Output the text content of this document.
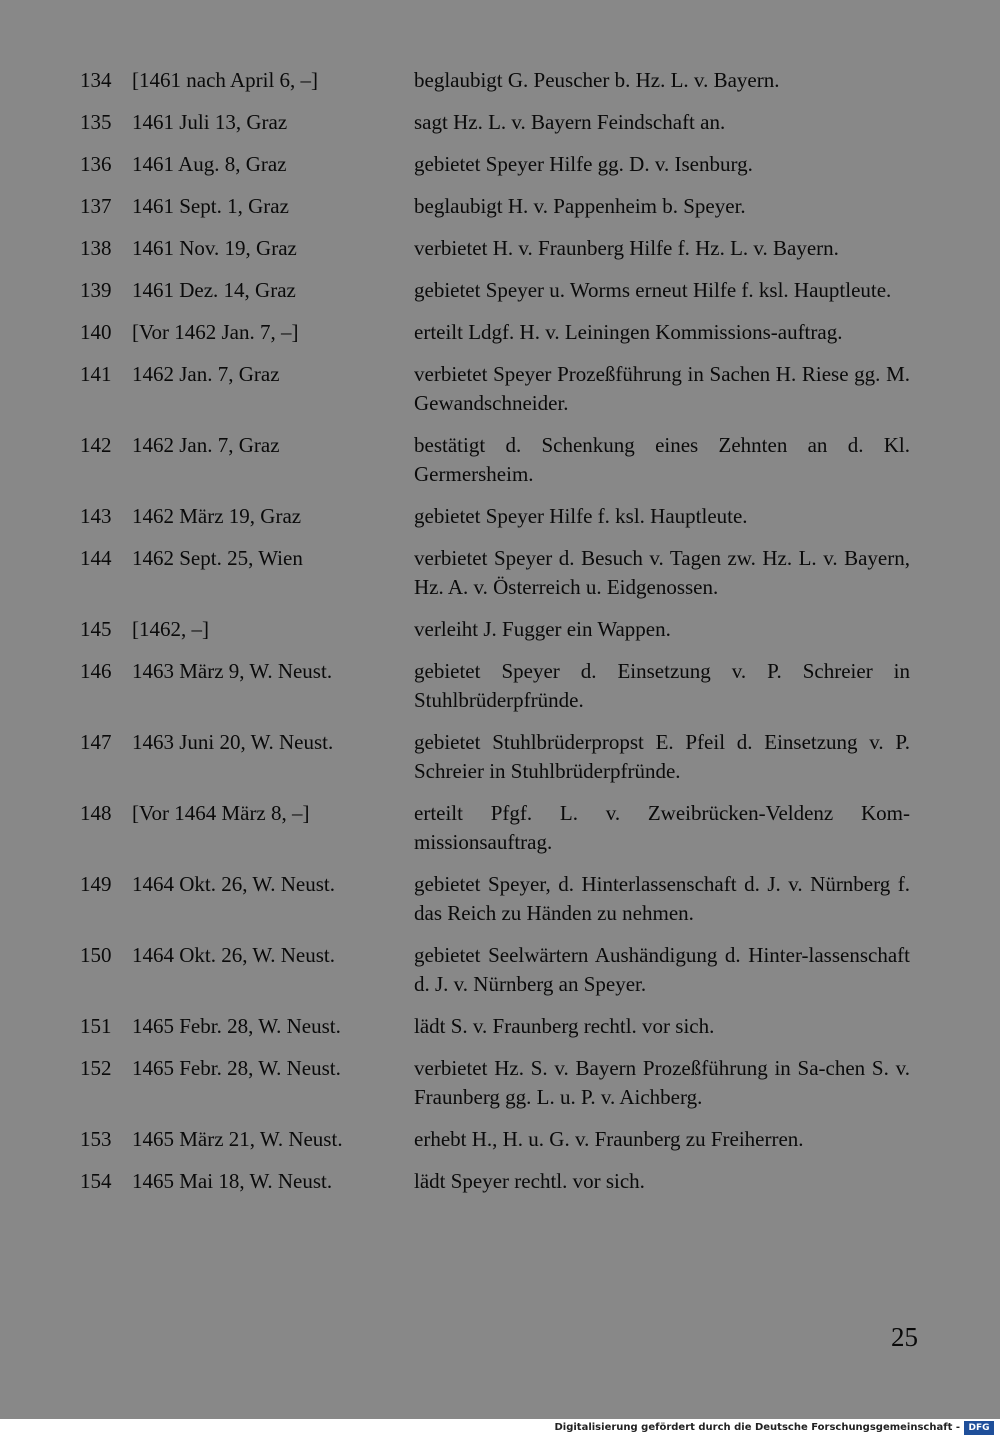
134 [1461 nach April 6, –]	beglaubigt G. Peuscher b. Hz. L. v. Bayern.
135 1461 Juli 13, Graz	sagt Hz. L. v. Bayern Feindschaft an.
136 1461 Aug. 8, Graz	gebietet Speyer Hilfe gg. D. v. Isenburg.
137 1461 Sept. 1, Graz	beglaubigt H. v. Pappenheim b. Speyer.
138 1461 Nov. 19, Graz	verbietet H. v. Fraunberg Hilfe f. Hz. L. v. Bayern.
139 1461 Dez. 14, Graz	gebietet Speyer u. Worms erneut Hilfe f. ksl. Hauptleute.
140 [Vor 1462 Jan. 7, –]	erteilt Ldgf. H. v. Leiningen Kommissions-auftrag.
141 1462 Jan. 7, Graz	verbietet Speyer Prozeßführung in Sachen H. Riese gg. M. Gewandschneider.
142 1462 Jan. 7, Graz	bestätigt d. Schenkung eines Zehnten an d. Kl. Germersheim.
143 1462 März 19, Graz	gebietet Speyer Hilfe f. ksl. Hauptleute.
144 1462 Sept. 25, Wien	verbietet Speyer d. Besuch v. Tagen zw. Hz. L. v. Bayern, Hz. A. v. Österreich u. Eidgenossen.
145 [1462, –]	verleiht J. Fugger ein Wappen.
146 1463 März 9, W. Neust.	gebietet Speyer d. Einsetzung v. P. Schreier in Stuhlbrüderpfründe.
147 1463 Juni 20, W. Neust.	gebietet Stuhlbrüderpropst E. Pfeil d. Einsetzung v. P. Schreier in Stuhlbrüderpfründe.
148 [Vor 1464 März 8, –]	erteilt Pfgf. L. v. Zweibrücken-Veldenz Kom-missionsauftrag.
149 1464 Okt. 26, W. Neust.	gebietet Speyer, d. Hinterlassenschaft d. J. v. Nürnberg f. das Reich zu Händen zu nehmen.
150 1464 Okt. 26, W. Neust.	gebietet Seelwärtern Aushändigung d. Hinter-lassenschaft d. J. v. Nürnberg an Speyer.
151 1465 Febr. 28, W. Neust.	lädt S. v. Fraunberg rechtl. vor sich.
152 1465 Febr. 28, W. Neust.	verbietet Hz. S. v. Bayern Prozeßführung in Sa-chen S. v. Fraunberg gg. L. u. P. v. Aichberg.
153 1465 März 21, W. Neust.	erhebt H., H. u. G. v. Fraunberg zu Freiherren.
154 1465 Mai 18, W. Neust.	lädt Speyer rechtl. vor sich.
25
Digitalisierung gefördert durch die Deutsche Forschungsgemeinschaft - DFG
